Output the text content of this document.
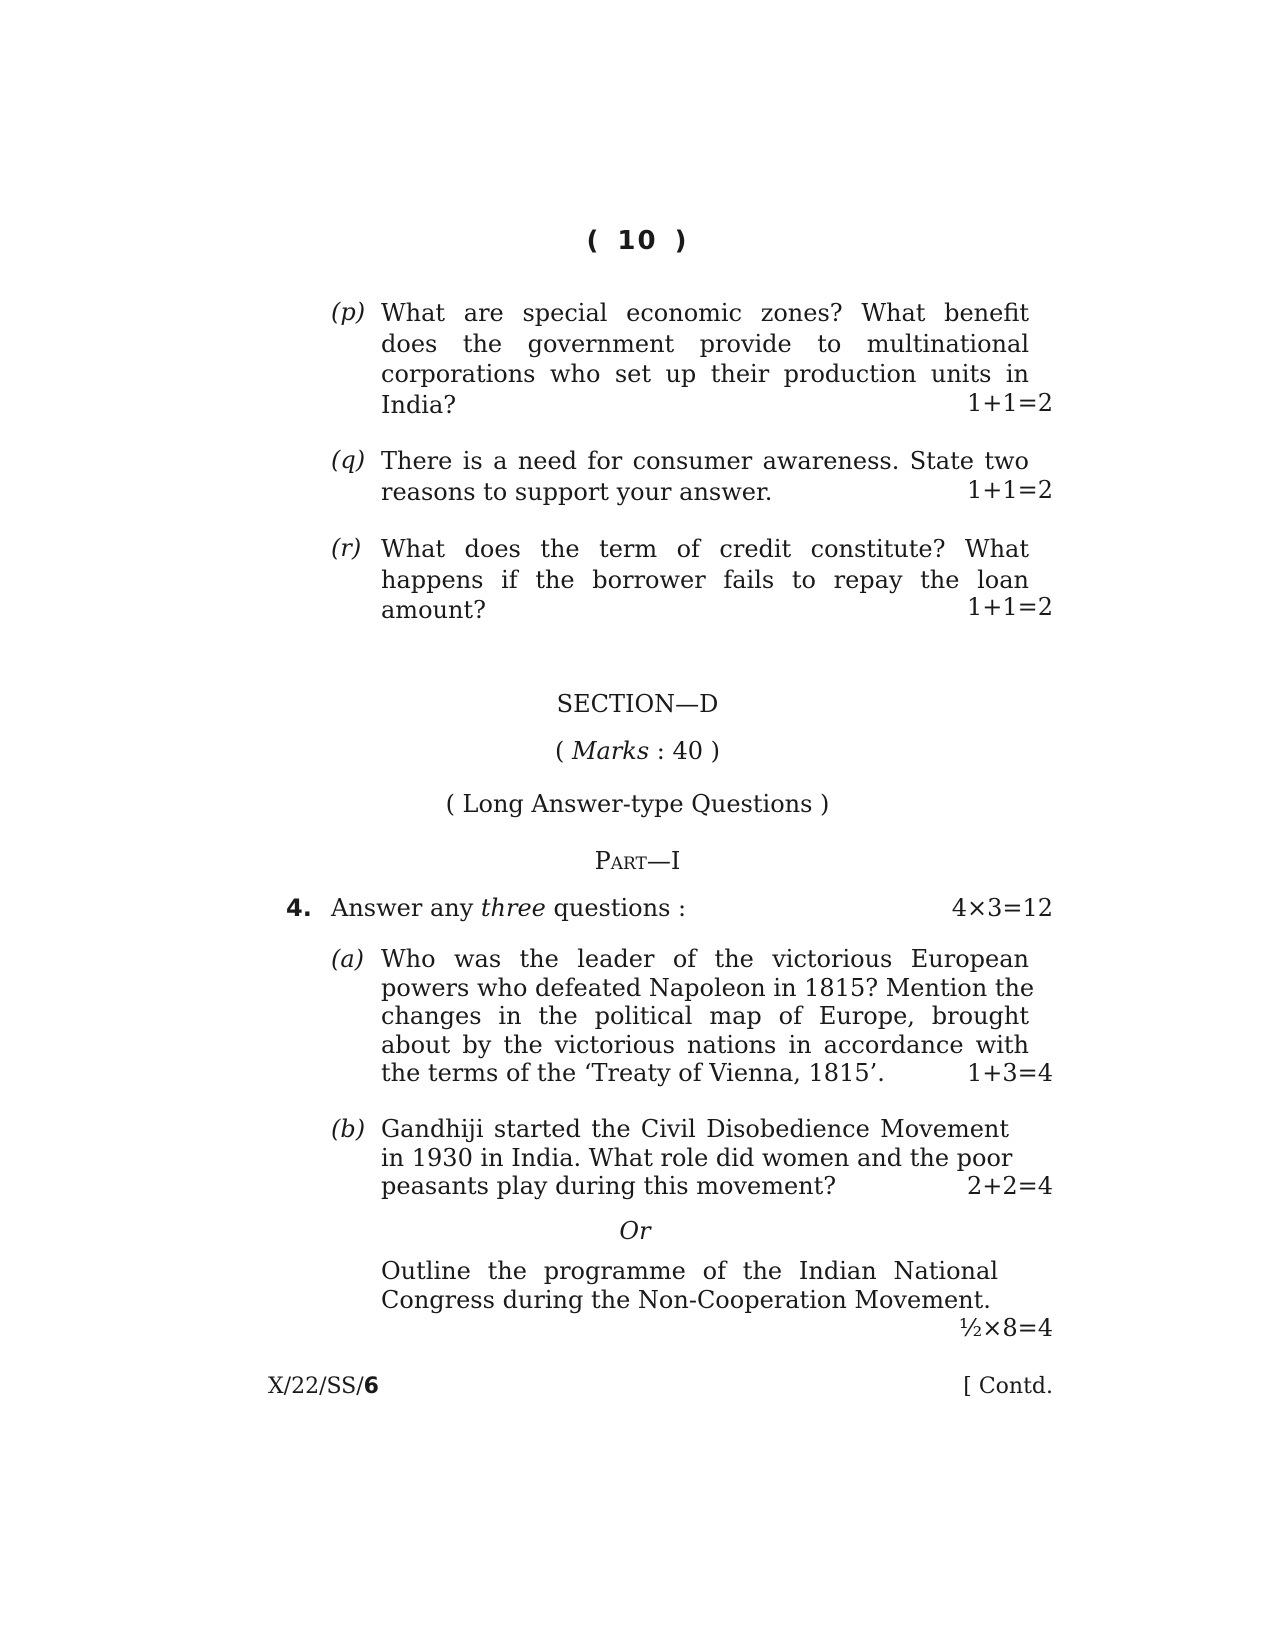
( 10 )
(p) What are special economic zones? What benefit
does the government provide to multinational
corporations who set up their production units in
India?	1+1=2
(q) There is a need for consumer awareness. State two
reasons to support your answer.	1+1=2
(r) What does the term of credit constitute? What
happens if the borrower fails to repay the loan
amount?	1+1=2
SECTION—D
( Marks : 40 )
( Long Answer-type Questions )
Part—I
4. Answer any three questions :	4×3=12
(a) Who was the leader of the victorious European
powers who defeated Napoleon in 1815? Mention the
changes in the political map of Europe, brought
about by the victorious nations in accordance with
the terms of the ‘Treaty of Vienna, 1815’.	1+3=4
(b) Gandhiji started the Civil Disobedience Movement
in 1930 in India. What role did women and the poor
peasants play during this movement?	2+2=4
Or
Outline the programme of the Indian National
Congress during the Non-Cooperation Movement.
½×8=4
X/22/SS/6	[ Contd.
